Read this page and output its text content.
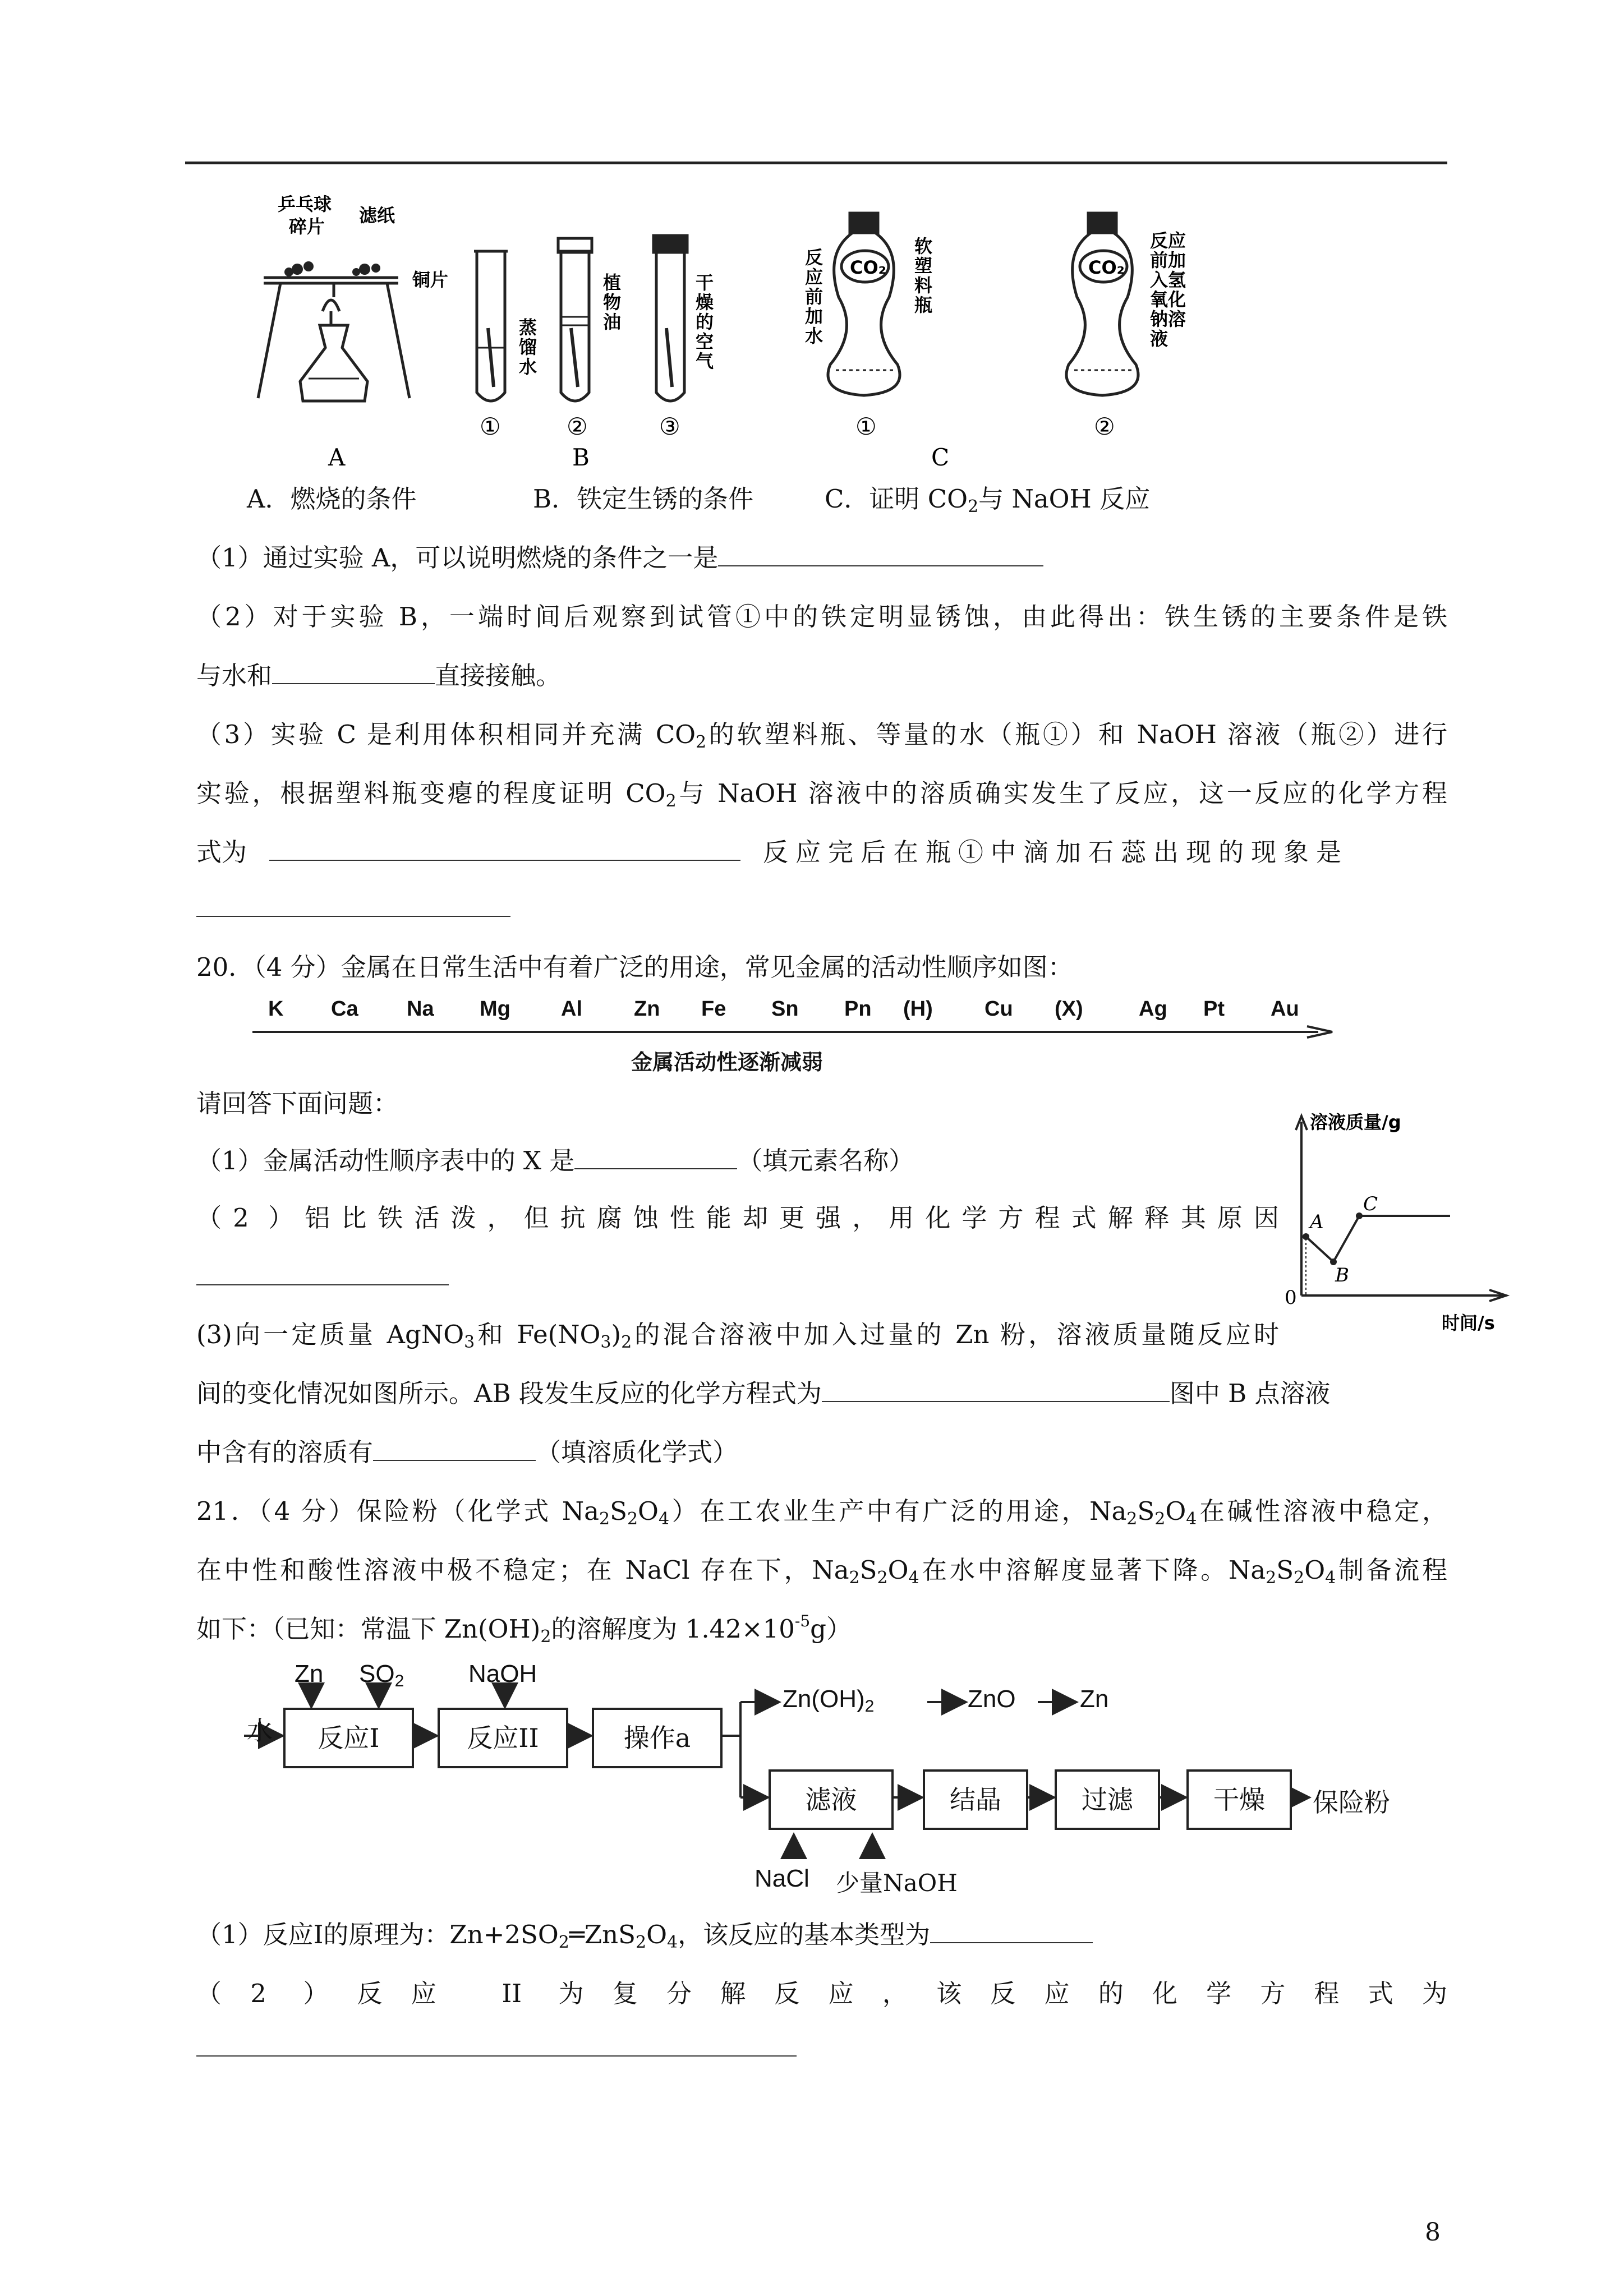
乒乓球
碎片
滤纸
铜片
蒸
馏
水
植
物
油
干
燥
的
空
气
CO₂	CO₂
反
应
前
加
水
软
塑
料
瓶
反应
前加
入氢
氧化
钠溶
液
①	②	③	①	②
A	B	C
A．燃烧的条件	B．铁定生锈的条件	C．证明 $CO_2$与 NaOH 反应
（1）通过实验 A，可以说明燃烧的条件之一是
（2）对于实验 B，一端时间后观察到试管①中的铁定明显锈蚀，由此得出：铁生锈的主要条件是铁
与水和	直接接触。
（3）实验 C 是利用体积相同并充满 $CO_2$的软塑料瓶、等量的水（瓶①）和 NaOH 溶液（瓶②）进行
实验，根据塑料瓶变瘪的程度证明 $CO_2$与 NaOH 溶液中的溶质确实发生了反应，这一反应的化学方程
式为	反应完后在瓶①中滴加石蕊出现的现象是
20．（4 分）金属在日常生活中有着广泛的用途，常见金属的活动性顺序如图：
K Ca Na Mg Al Zn Fe Sn Pn (H) Cu (X)	Ag Pt Au
金属活动性逐渐减弱
请回答下面问题：
（1）金属活动性顺序表中的 X 是	（填元素名称）
（2 ）铝比铁活泼，但抗腐蚀性能却更强，用化学方程式解释其原因
溶液质量/g
时间/s
0
A
B
C
(3)向一定质量 AgNO$_3$和 $Fe(NO_3)_2$的混合溶液中加入过量的 Zn 粉，溶液质量随反应时
间的变化情况如图所示。AB 段发生反应的化学方程式为	图中 B 点溶液
中含有的溶质有	（填溶质化学式）
21．（4 分）保险粉（化学式 $Na_2S_2O_4$）在工农业生产中有广泛的用途，$Na_2S_2O_4$在碱性溶液中稳定，
在中性和酸性溶液中极不稳定；在 NaCl 存在下，$Na_2S_2O_4$在水中溶解度显著下降。$Na_2S_2O_4$制备流程
如下：（已知：常温下 $Zn(OH)_2$的溶解度为 $1.42\times 10^{-5}g$）
水
Zn $SO_2$	NaOH
反应I	反应II	操作a
$Zn(OH)_2$	ZnO	Zn
滤液	结晶	过滤	干燥	保险粉
NaCl 少量NaOH
（1）反应Ⅰ的原理为：$Zn+2SO_2═ZnS_2O_4$，该反应的基本类型为
（2 ）反应 II 为复分解反应，该反应的化学方程式为
8
